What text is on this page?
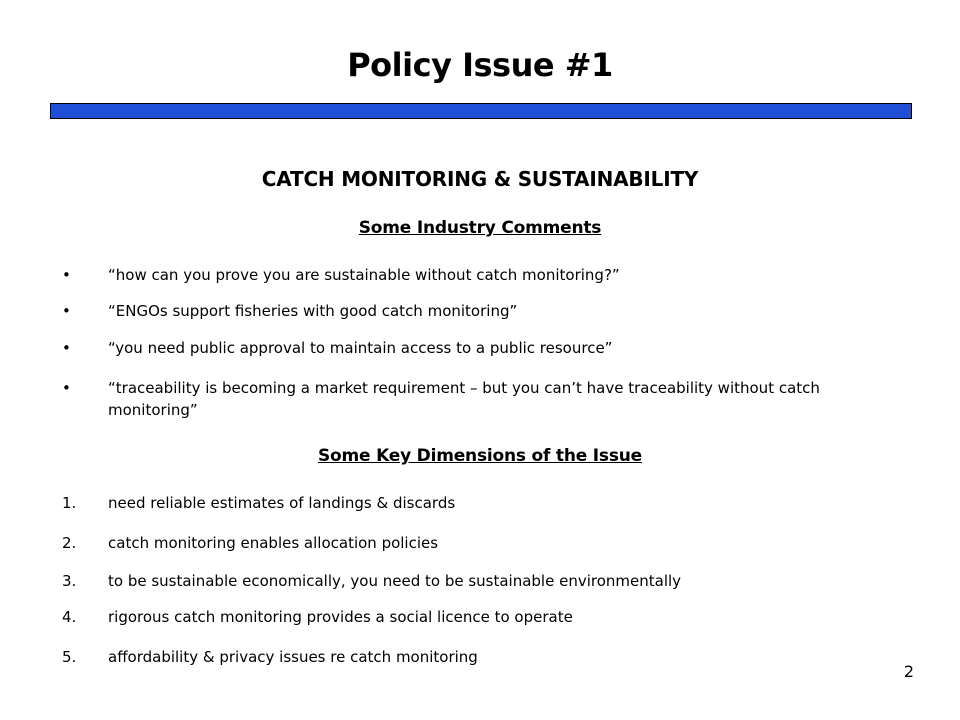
Policy Issue #1
CATCH MONITORING & SUSTAINABILITY
Some Industry Comments
• “how can you prove you are sustainable without catch monitoring?”
• “ENGOs support fisheries with good catch monitoring”
• “you need public approval to maintain access to a public resource”
• “traceability is becoming a market requirement – but you can’t have traceability without catch monitoring”
Some Key Dimensions of the Issue
1. need reliable estimates of landings & discards
2. catch monitoring enables allocation policies
3. to be sustainable economically, you need to be sustainable environmentally
4. rigorous catch monitoring provides a social licence to operate
5. affordability & privacy issues re catch monitoring
2
